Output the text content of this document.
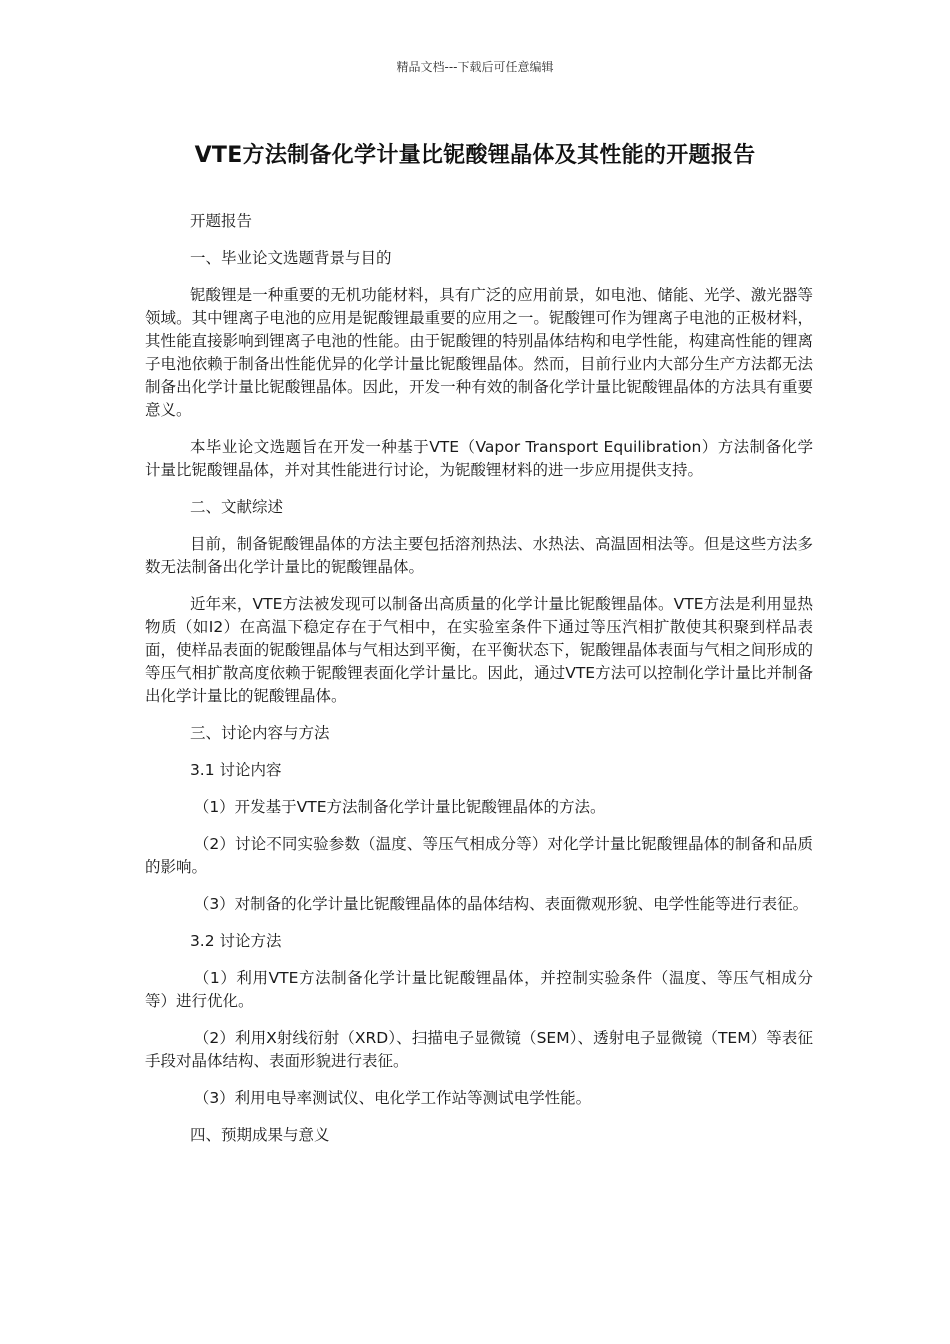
精品文档---下载后可任意编辑
VTE方法制备化学计量比铌酸锂晶体及其性能的开题报告

开题报告

一、毕业论文选题背景与目的

铌酸锂是一种重要的无机功能材料，具有广泛的应用前景，如电池、储能、光学、激光器等领域。其中锂离子电池的应用是铌酸锂最重要的应用之一。铌酸锂可作为锂离子电池的正极材料，其性能直接影响到锂离子电池的性能。由于铌酸锂的特别晶体结构和电学性能，构建高性能的锂离子电池依赖于制备出性能优异的化学计量比铌酸锂晶体。然而，目前行业内大部分生产方法都无法制备出化学计量比铌酸锂晶体。因此，开发一种有效的制备化学计量比铌酸锂晶体的方法具有重要意义。

本毕业论文选题旨在开发一种基于VTE（Vapor Transport Equilibration）方法制备化学计量比铌酸锂晶体，并对其性能进行讨论，为铌酸锂材料的进一步应用提供支持。

二、文献综述

目前，制备铌酸锂晶体的方法主要包括溶剂热法、水热法、高温固相法等。但是这些方法多数无法制备出化学计量比的铌酸锂晶体。

近年来，VTE方法被发现可以制备出高质量的化学计量比铌酸锂晶体。VTE方法是利用显热物质（如I2）在高温下稳定存在于气相中，在实验室条件下通过等压汽相扩散使其积聚到样品表面，使样品表面的铌酸锂晶体与气相达到平衡，在平衡状态下，铌酸锂晶体表面与气相之间形成的等压气相扩散高度依赖于铌酸锂表面化学计量比。因此，通过VTE方法可以控制化学计量比并制备出化学计量比的铌酸锂晶体。

三、讨论内容与方法

3.1 讨论内容

（1）开发基于VTE方法制备化学计量比铌酸锂晶体的方法。

（2）讨论不同实验参数（温度、等压气相成分等）对化学计量比铌酸锂晶体的制备和品质的影响。

（3）对制备的化学计量比铌酸锂晶体的晶体结构、表面微观形貌、电学性能等进行表征。

3.2 讨论方法

（1）利用VTE方法制备化学计量比铌酸锂晶体，并控制实验条件（温度、等压气相成分等）进行优化。

（2）利用X射线衍射（XRD）、扫描电子显微镜（SEM）、透射电子显微镜（TEM）等表征手段对晶体结构、表面形貌进行表征。

（3）利用电导率测试仪、电化学工作站等测试电学性能。

四、预期成果与意义
